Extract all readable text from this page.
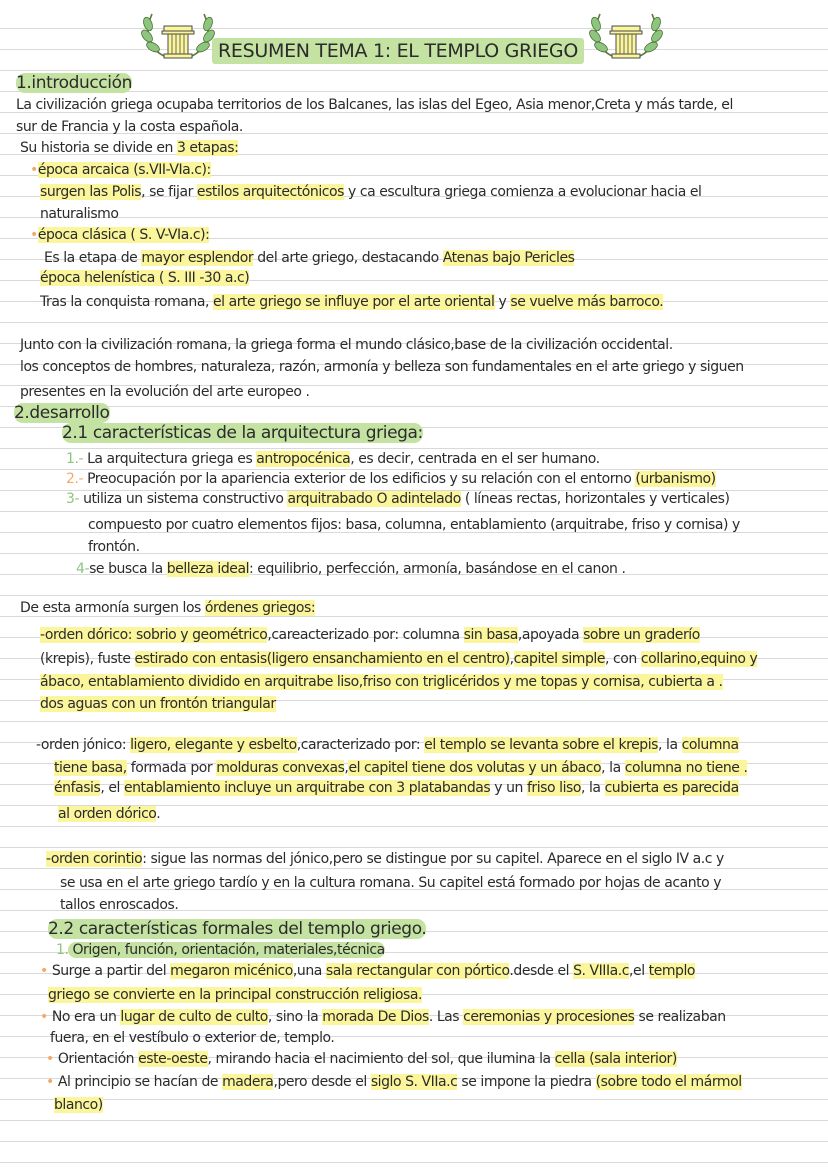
RESUMEN TEMA 1: EL TEMPLO GRIEGO
1.introducción
La civilización griega ocupaba territorios de los Balcanes, las islas del Egeo, Asia menor,Creta y más tarde, el
sur de Francia y la costa española.
Su historia se divide en 3 etapas:
•época arcaica (s.VII-VIa.c):
surgen las Polis, se fijar estilos arquitectónicos y ca escultura griega comienza a evolucionar hacia el
naturalismo
•época clásica ( S. V-VIa.c):
Es la etapa de mayor esplendor del arte griego, destacando Atenas bajo Pericles
época helenística ( S. III -30 a.c)
Tras la conquista romana, el arte griego se influye por el arte oriental y se vuelve más barroco.
Junto con la civilización romana, la griega forma el mundo clásico,base de la civilización occidental.
los conceptos de hombres, naturaleza, razón, armonía y belleza son fundamentales en el arte griego y siguen
presentes en la evolución del arte europeo .
2.desarrollo
2.1 características de la arquitectura griega:
1.- La arquitectura griega es antropocénica, es decir, centrada en el ser humano.
2.- Preocupación por la apariencia exterior de los edificios y su relación con el entorno (urbanismo)
3- utiliza un sistema constructivo arquitrabado O adintelado ( líneas rectas, horizontales y verticales)
compuesto por cuatro elementos fijos: basa, columna, entablamiento (arquitrabe, friso y cornisa) y
frontón.
4-se busca la belleza ideal: equilibrio, perfección, armonía, basándose en el canon .
De esta armonía surgen los órdenes griegos:
-orden dórico: sobrio y geométrico,careacterizado por: columna sin basa,apoyada sobre un graderío
(krepis), fuste estirado con entasis(ligero ensanchamiento en el centro),capitel simple, con collarino,equino y
ábaco, entablamiento dividido en arquitrabe liso,friso con triglicéridos y me topas y cornisa, cubierta a .
dos aguas con un frontón triangular
-orden jónico: ligero, elegante y esbelto,caracterizado por: el templo se levanta sobre el krepis, la columna
tiene basa, formada por molduras convexas,el capitel tiene dos volutas y un ábaco, la columna no tiene .
énfasis, el entablamiento incluye un arquitrabe con 3 platabandas y un friso liso, la cubierta es parecida
al orden dórico.
-orden corintio: sigue las normas del jónico,pero se distingue por su capitel. Aparece en el siglo IV a.c y
se usa en el arte griego tardío y en la cultura romana. Su capitel está formado por hojas de acanto y
tallos enroscados.
2.2 características formales del templo griego.
1. Origen, función, orientación, materiales,técnica
• Surge a partir del megaron micénico,una sala rectangular con pórtico.desde el S. VIIIa.c,el templo
griego se convierte en la principal construcción religiosa.
• No era un lugar de culto de culto, sino la morada De Dios. Las ceremonias y procesiones se realizaban
fuera, en el vestíbulo o exterior de, templo.
• Orientación este-oeste, mirando hacia el nacimiento del sol, que ilumina la cella (sala interior)
• Al principio se hacían de madera,pero desde el siglo S. VIIa.c se impone la piedra (sobre todo el mármol
blanco)
